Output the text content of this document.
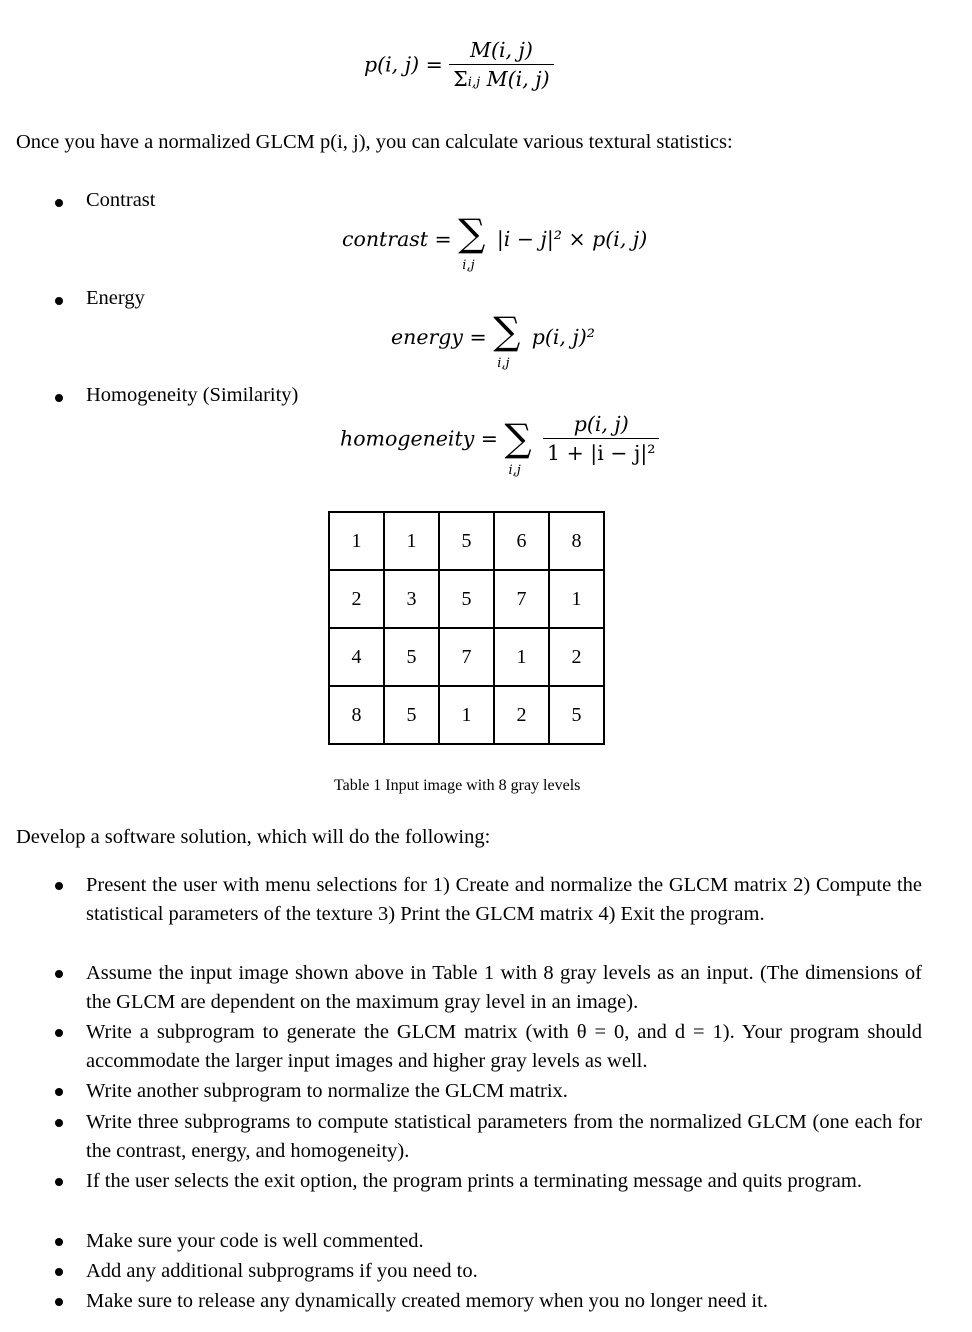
p(i, $j) = \frac{M(i, j)}{\text{Σi,j M(i, j)}}$

Once you have a normalized GLCM p(i, j), you can calculate various textural statistics:

Contrast
contrast = ∑
i,j
|i − j|² × p(i, j)
Energy
energy = ∑
i,j
p(i, j)²
Homogeneity (Similarity)
homogeneity = ∑
i,j

$\frac{p(i, j)}{\text{1 + |i − j|²}}$
1	1	5	6	8
2	3	5	7	1
4	5	7	1	2
8	5	1	2	5
Table 1 Input image with 8 gray levels

Develop a software solution, which will do the following:

Present the user with menu selections for 1) Create and normalize the GLCM matrix 2) Compute the statistical parameters of the texture 3) Print the GLCM matrix 4) Exit the program.
Assume the input image shown above in Table 1 with 8 gray levels as an input. (The dimensions of the GLCM are dependent on the maximum gray level in an image).
Write a subprogram to generate the GLCM matrix (with θ = 0, and d = 1). Your program should accommodate the larger input images and higher gray levels as well.
Write another subprogram to normalize the GLCM matrix.
Write three subprograms to compute statistical parameters from the normalized GLCM (one each for the contrast, energy, and homogeneity).
If the user selects the exit option, the program prints a terminating message and quits program.
Make sure your code is well commented.
Add any additional subprograms if you need to.
Make sure to release any dynamically created memory when you no longer need it.
